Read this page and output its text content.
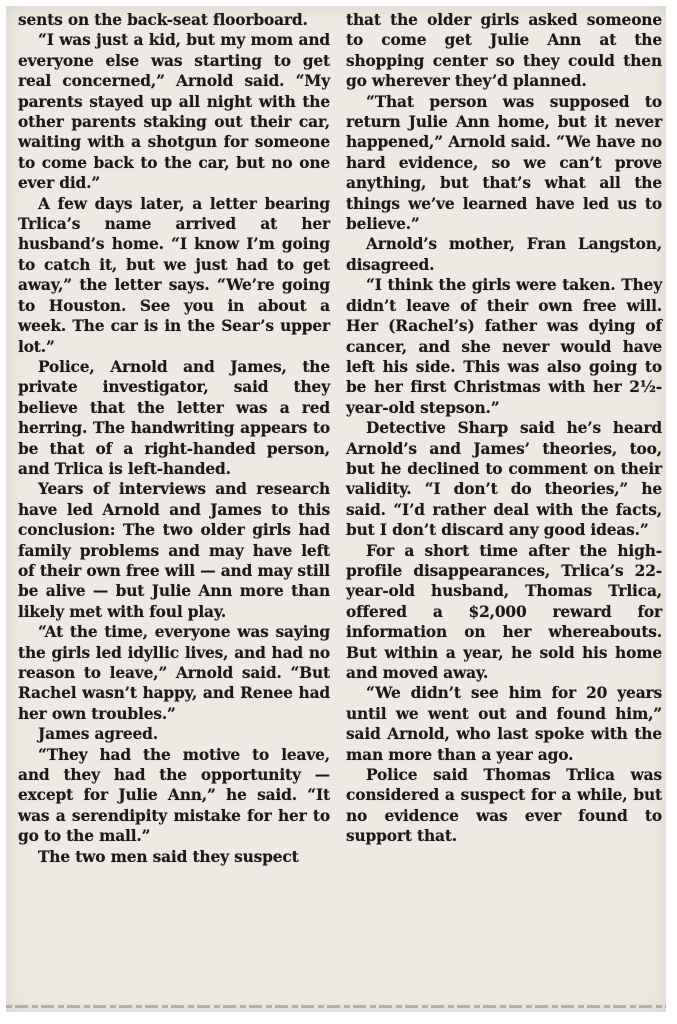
sents on the back-seat floorboard.

“I was just a kid, but my mom and everyone else was starting to get real concerned,” Arnold said. “My parents stayed up all night with the other parents staking out their car, waiting with a shotgun for someone to come back to the car, but no one ever did.”

A few days later, a letter bearing Trlica’s name arrived at her husband’s home. “I know I’m going to catch it, but we just had to get away,” the letter says. “We’re going to Houston. See you in about a week. The car is in the Sear’s upper lot.”

Police, Arnold and James, the private investigator, said they believe that the letter was a red herring. The handwriting appears to be that of a right-handed person, and Trlica is left-handed.

Years of interviews and research have led Arnold and James to this conclusion: The two older girls had family problems and may have left of their own free will — and may still be alive — but Julie Ann more than likely met with foul play.

“At the time, everyone was saying the girls led idyllic lives, and had no reason to leave,” Arnold said. “But Rachel wasn’t happy, and Renee had her own troubles.”

James agreed.

“They had the motive to leave, and they had the opportunity — except for Julie Ann,” he said. “It was a serendipity mistake for her to go to the mall.”

The two men said they suspect

that the older girls asked someone to come get Julie Ann at the shopping center so they could then go wherever they’d planned.

“That person was supposed to return Julie Ann home, but it never happened,” Arnold said. “We have no hard evidence, so we can’t prove anything, but that’s what all the things we’ve learned have led us to believe.”

Arnold’s mother, Fran Langston, disagreed.

“I think the girls were taken. They didn’t leave of their own free will. Her (Rachel’s) father was dying of cancer, and she never would have left his side. This was also going to be her first Christmas with her 2½-year-old stepson.”

Detective Sharp said he’s heard Arnold’s and James’ theories, too, but he declined to comment on their validity. “I don’t do theories,” he said. “I’d rather deal with the facts, but I don’t discard any good ideas.”

For a short time after the high-profile disappearances, Trlica’s 22-year-old husband, Thomas Trlica, offered a $2,000 reward for information on her whereabouts. But within a year, he sold his home and moved away.

“We didn’t see him for 20 years until we went out and found him,” said Arnold, who last spoke with the man more than a year ago.

Police said Thomas Trlica was considered a suspect for a while, but no evidence was ever found to support that.
